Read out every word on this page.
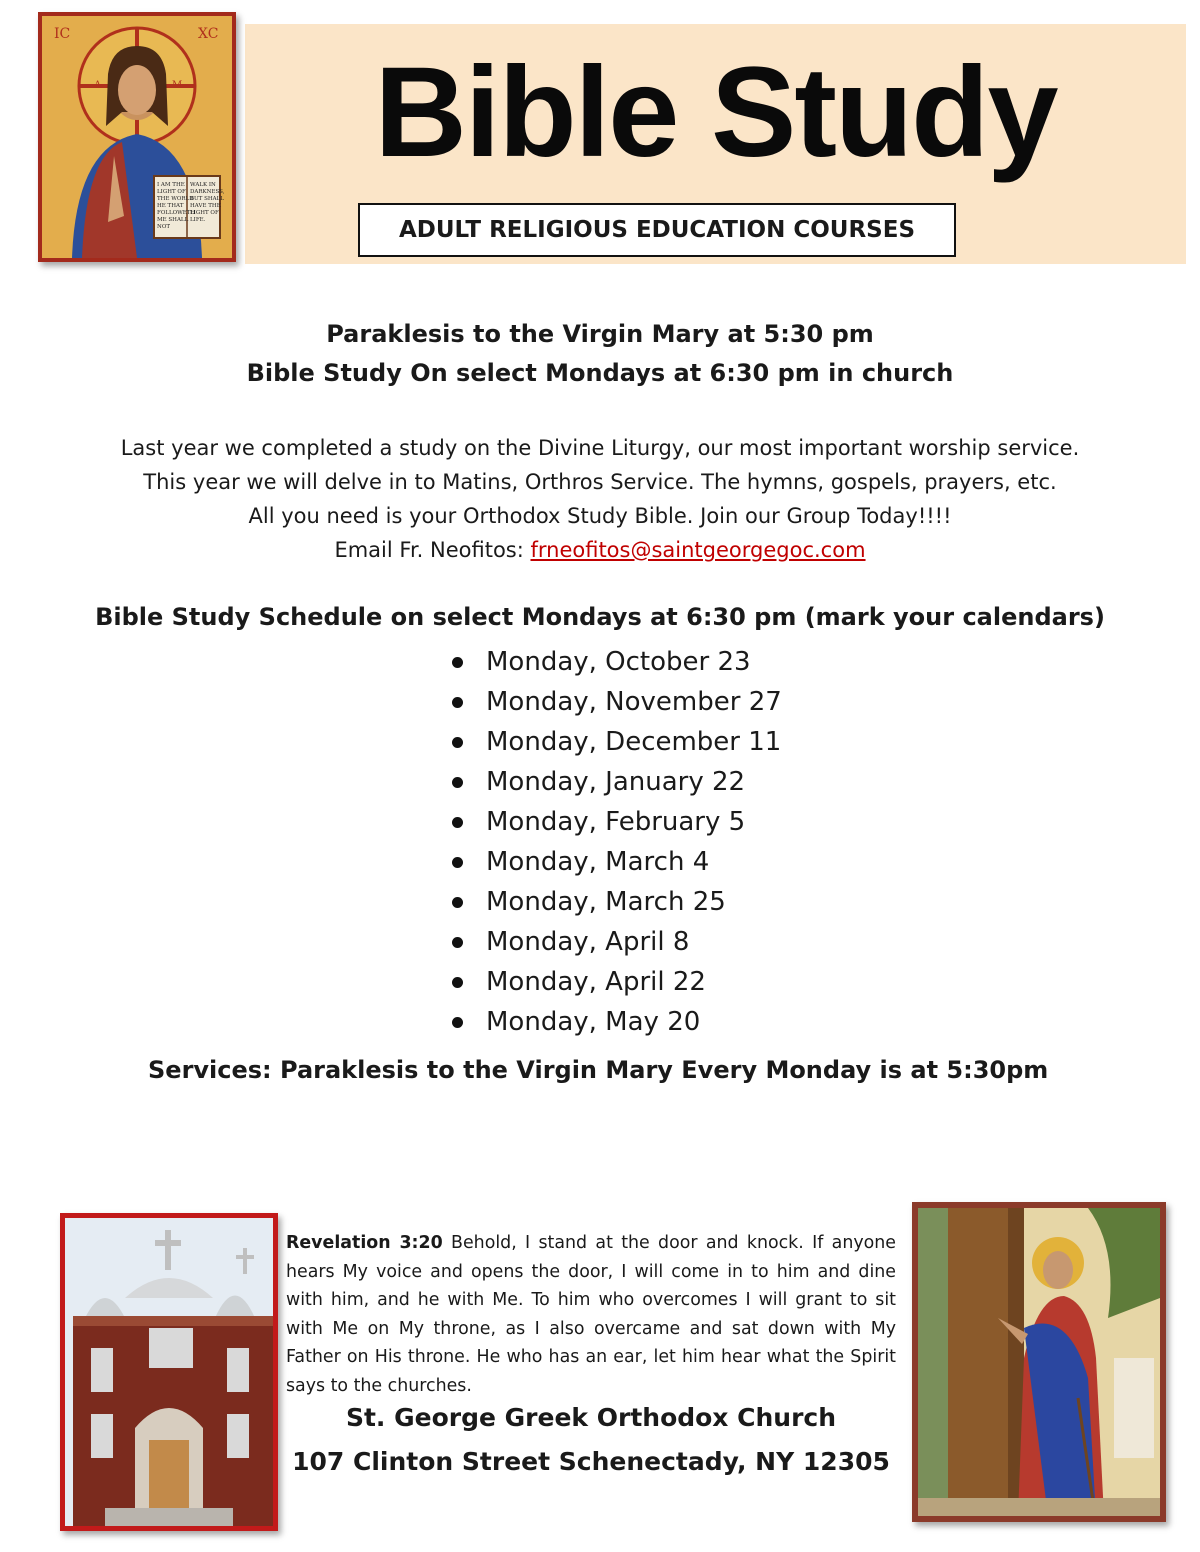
Bible Study
ADULT RELIGIOUS EDUCATION COURSES
I AM THE
LIGHT OF
THE WORLD
HE THAT
FOLLOWETH
ME SHALL
NOT
WALK IN
DARKNESS,
BUT SHALL
HAVE THE
LIGHT OF
LIFE.
IC	XC
A	M
Paraklesis to the Virgin Mary at 5:30 pm
Bible Study On select Mondays at 6:30 pm in church
Last year we completed a study on the Divine Liturgy, our most important worship service.
This year we will delve in to Matins, Orthros Service. The hymns, gospels, prayers, etc.
All you need is your Orthodox Study Bible. Join our Group Today!!!!
Email Fr. Neofitos: frneofitos@saintgeorgegoc.com
Bible Study Schedule on select Mondays at 6:30 pm (mark your calendars)
Monday, October 23
Monday, November 27
Monday, December 11
Monday, January 22
Monday, February 5
Monday, March 4
Monday, March 25
Monday, April 8
Monday, April 22
Monday, May 20
Services: Paraklesis to the Virgin Mary Every Monday is at 5:30pm
Revelation 3:20 Behold, I stand at the door and knock. If anyone hears My voice and opens the door, I will come in to him and dine with him, and he with Me. To him who overcomes I will grant to sit with Me on My throne, as I also overcame and sat down with My Father on His throne. He who has an ear, let him hear what the Spirit says to the churches.
St. George Greek Orthodox Church
107 Clinton Street Schenectady, NY 12305
